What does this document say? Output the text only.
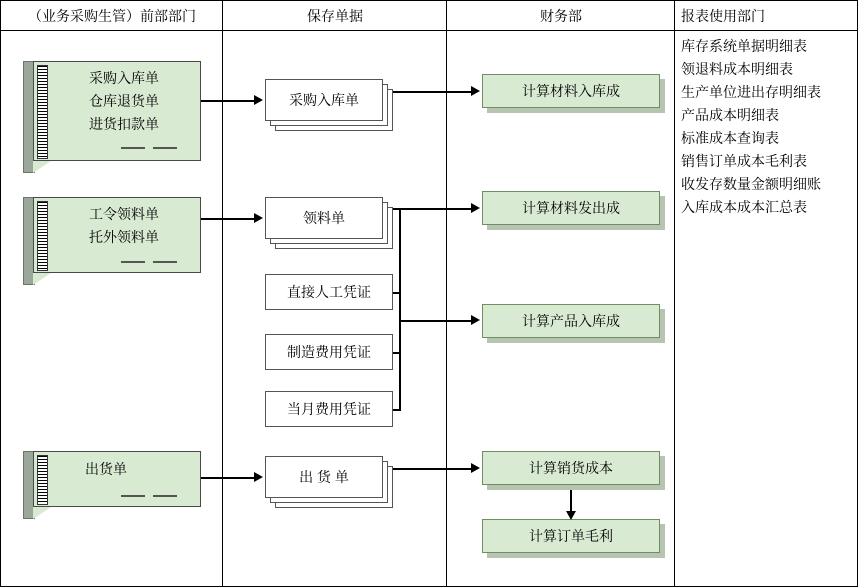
（业务采购生管）前部部门	保存单据	财务部	报表使用部门
采购入库单
仓库退货单
进货扣款单
工令领料单
托外领料单
出货单
采购入库单
领料单
直接人工凭证
制造费用凭证
当月费用凭证
出 货 单
计算材料入库成
计算材料发出成
计算产品入库成
计算销货成本
计算订单毛利
库存系统单据明细表
领退料成本明细表
生产单位进出存明细表
产品成本明细表
标准成本查询表
销售订单成本毛利表
收发存数量金额明细账
入库成本成本汇总表
